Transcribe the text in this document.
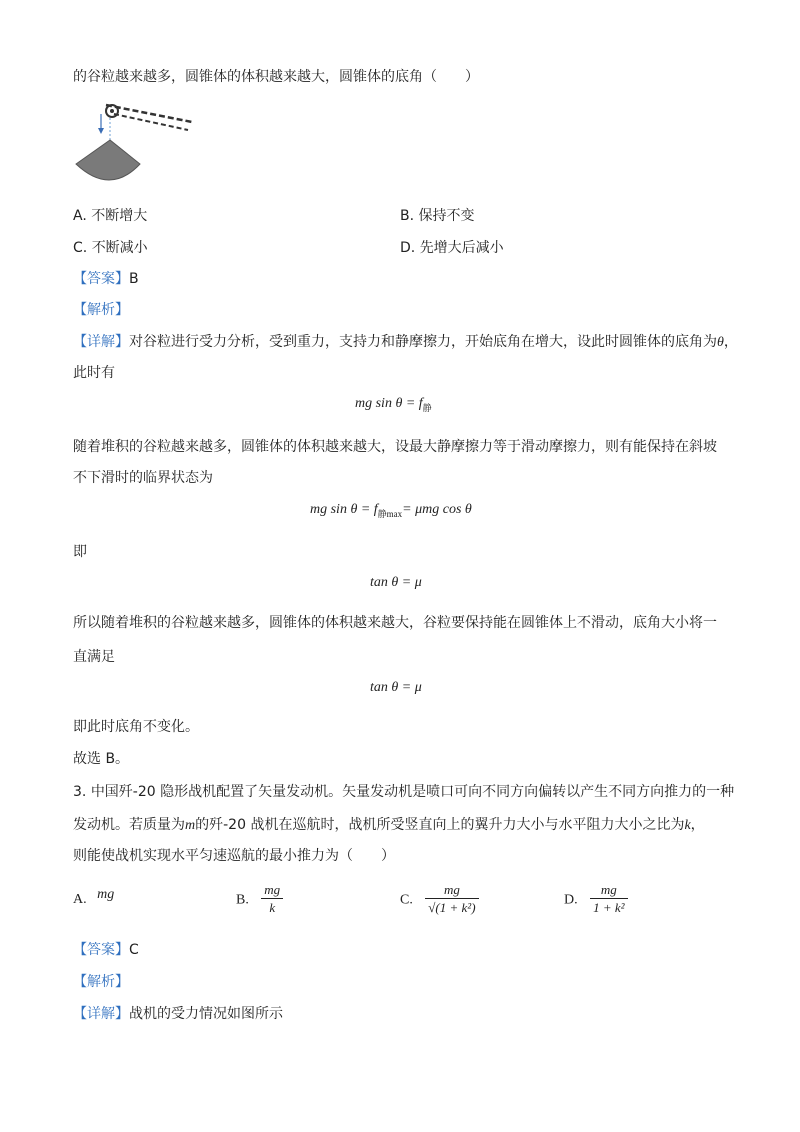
的谷粒越来越多，圆锥体的体积越来越大，圆锥体的底角（　　）
A. 不断增大	B. 保持不变
C. 不断减小	D. 先增大后减小
【答案】B
【解析】
【详解】对谷粒进行受力分析，受到重力，支持力和静摩擦力，开始底角在增大，设此时圆锥体的底角为θ，
此时有
mg $\sin \theta = f_静$
随着堆积的谷粒越来越多，圆锥体的体积越来越大，设最大静摩擦力等于滑动摩擦力，则有能保持在斜坡
不下滑时的临界状态为
mg $\sin \theta = f_{静max}= \mu mg$ cos θ
即
tan θ = μ
所以随着堆积的谷粒越来越多，圆锥体的体积越来越大，谷粒要保持能在圆锥体上不滑动，底角大小将一
直满足
tan θ = μ
即此时底角不变化。
故选 B。
3. 中国歼-20 隐形战机配置了矢量发动机。矢量发动机是喷口可向不同方向偏转以产生不同方向推力的一种
发动机。若质量为m的歼-20 战机在巡航时，战机所受竖直向上的翼升力大小与水平阻力大小之比为k，
则能使战机实现水平匀速巡航的最小推力为（　　）
A. mg	B. $\frac{mg}{k}$	C. $\frac{mg}{\text{√(1 + k²)}}$	D. $\frac{mg}{\text{1 + k²}}$
【答案】C
【解析】
【详解】战机的受力情况如图所示
